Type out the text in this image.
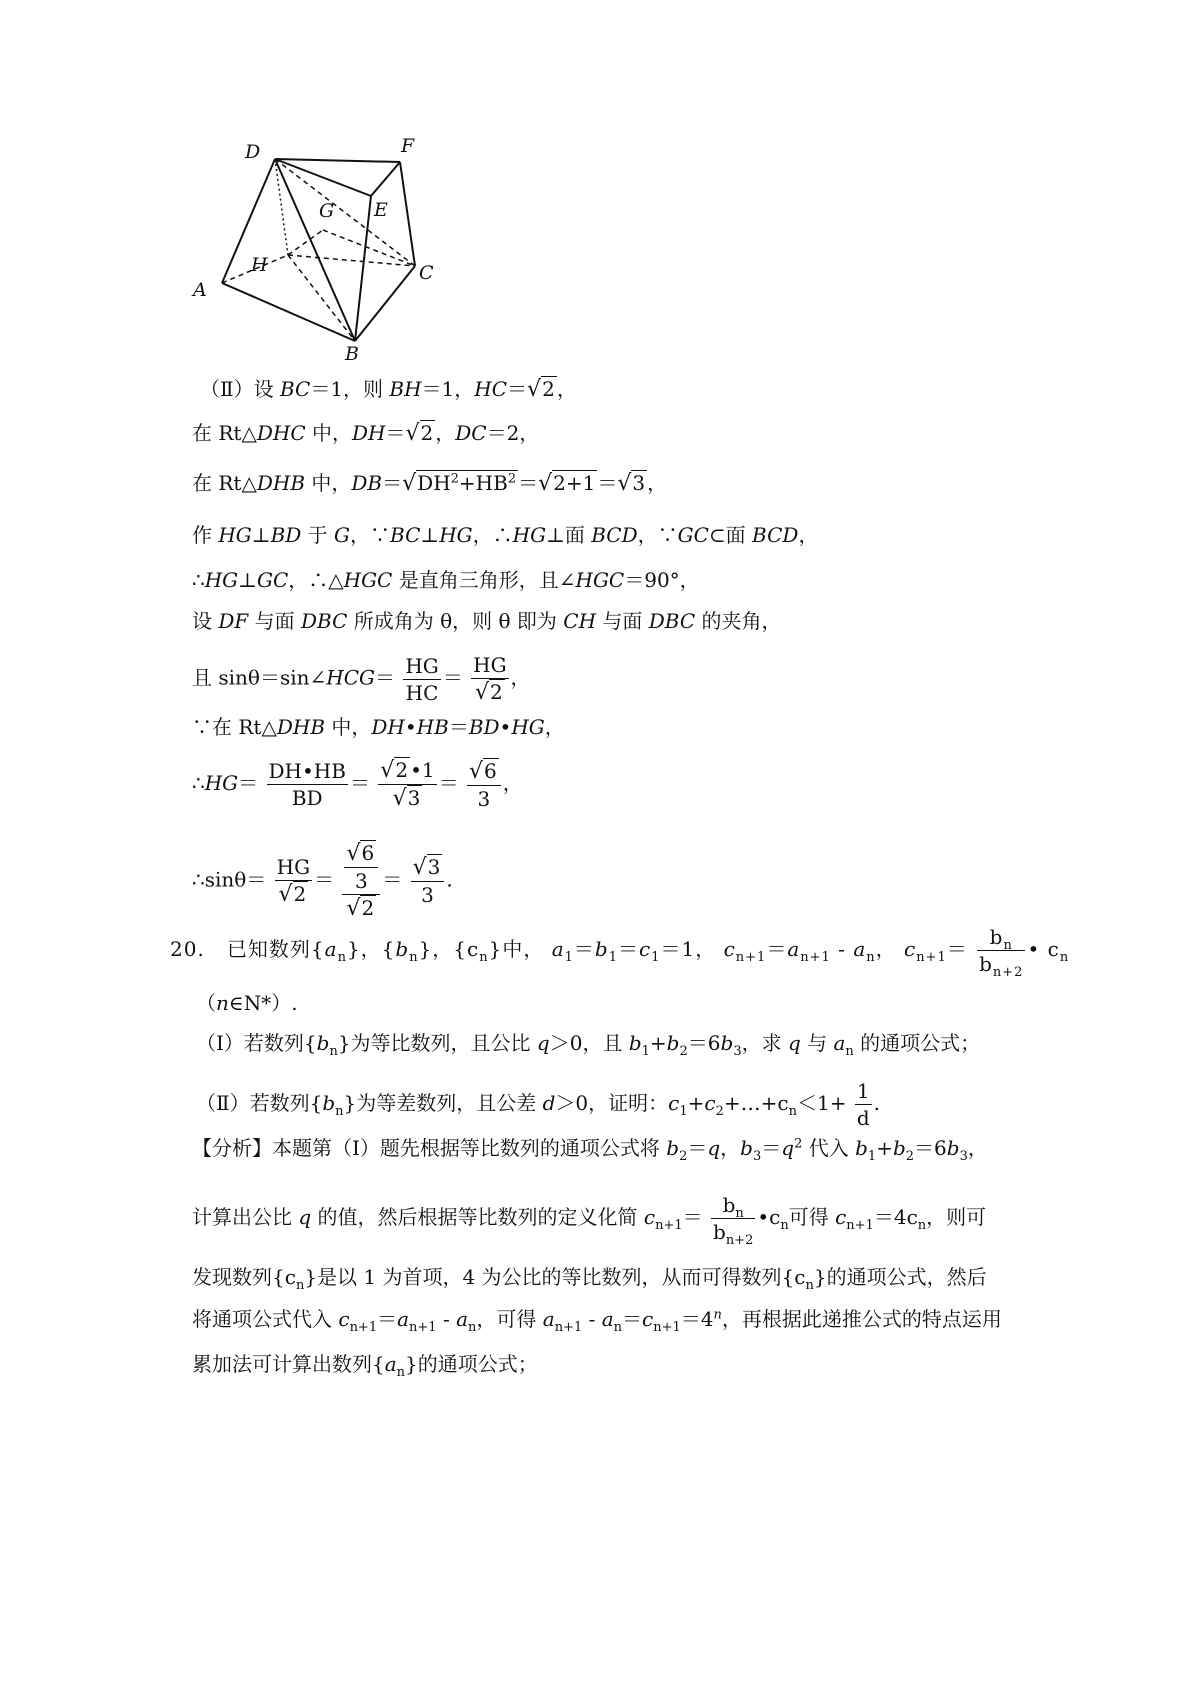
D	F
E
G
H
A
C
B
（Ⅱ）设 BC＝1，则 BH＝1，HC＝√2 ，
在 Rt△DHC 中，DH＝√2 ，DC＝2，
在 Rt△DHB 中，$DB=√DH^2+HB^2 =√2+1 =√3$ ，
作 HG⊥BD 于 G，∵BC⊥HG，∴HG⊥面 BCD，∵GC⊂面 BCD，
∴HG⊥GC，∴△HGC 是直角三角形，且∠HGC＝90°，
设 DF 与面 DBC 所成角为 θ，则 θ 即为 CH 与面 DBC 的夹角，
且 sinθ＝sin∠HCG＝ $\frac{HG}{HC} = \frac{HG}{√2}$ ，
∵在 Rt△DHB 中，DH•HB＝BD•HG，
∴HG＝ $\frac{DH•HB}{BD} = \frac{√2 •1}{√3} = \frac{√6}{3}$ ，
∴sinθ＝ $\frac{HG}{√2} = \frac{\frac{√6}{3}}{√2} = \frac{√3}{3}$ .
20. 已知数列$\{a_n\}$，$\{b_n\}$，$\{c_n\}$中， $a_1=b_1=c_1=1$， $c_{n+1}=a_{n+1} - a_n$， $c_{n+1}= \frac{b_n}{b_{n+2}}$ • $c_n$
（n∈N*）.
（Ⅰ）若数列$\{b_n\}$为等比数列，且公比 q＞0，且 $b_1+b_2=6b_3$，求 q 与 $a_n$ 的通项公式；
（Ⅱ）若数列$\{b_n\}$为等差数列，且公差 d＞0，证明：$c_1+c_2+\dots+c_n<1+ \frac{1}{d}$ .
【分析】本题第（Ⅰ）题先根据等比数列的通项公式将 $b_2=q$，$b_3=q^2$ 代入 $b_1+b_2=6b_3$，
计算出公比 q 的值，然后根据等比数列的定义化简 $c_{n+1}= \frac{b_n}{b_{n+2}}$ $•c_n$可得 $c_{n+1}=4c_n$，则可
发现数列$\{c_n\}$是以 1 为首项，4 为公比的等比数列，从而可得数列$\{c_n\}$的通项公式，然后
将通项公式代入 $c_{n+1}=a_{n+1} - a_n$，可得 $a_{n+1} - a_n=c_{n+1}=4^n$，再根据此递推公式的特点运用
累加法可计算出数列$\{a_n\}$的通项公式；
